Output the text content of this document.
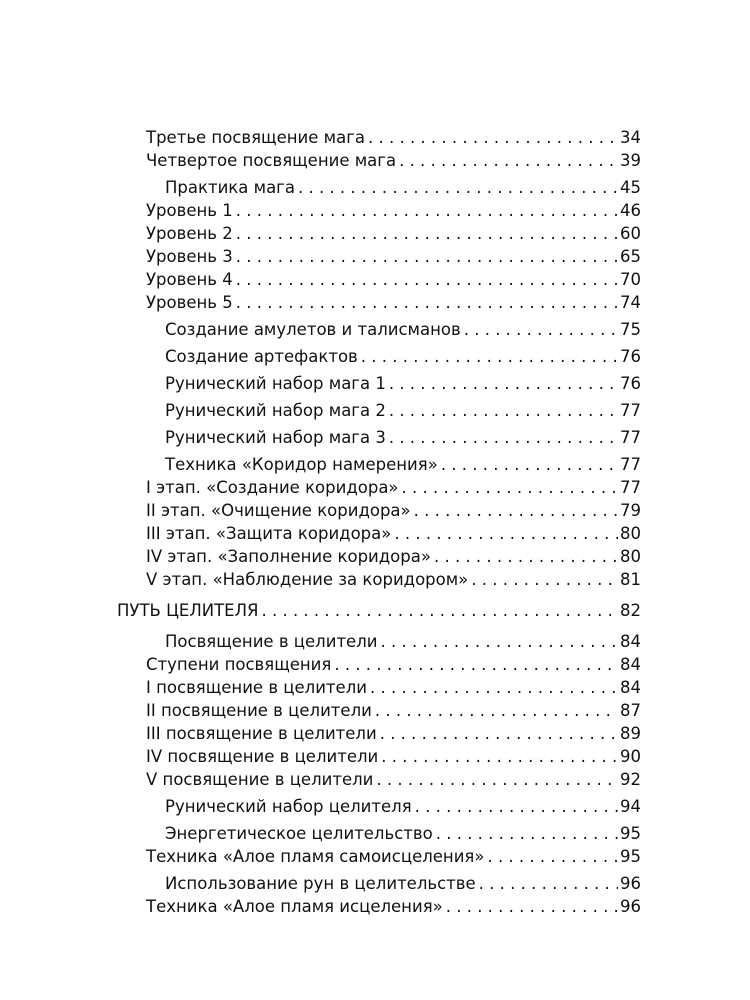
Третье посвящение мага . . .	34
Четвертое посвящение мага . . .	39
Практика мага . . .	45
Уровень 1 . . .	46
Уровень 2 . . .	60
Уровень 3 . . .	65
Уровень 4 . . .	70
Уровень 5 . . .	74
Создание амулетов и талисманов . . .	75
Создание артефактов . . .	76
Рунический набор мага 1 . . .	76
Рунический набор мага 2 . . .	77
Рунический набор мага 3 . . .	77
Техника «Коридор намерения» . . .	77
I этап. «Создание коридора» . . .	77
II этап. «Очищение коридора» . . .	79
III этап. «Защита коридора» . . .	80
IV этап. «Заполнение коридора» . . .	80
V этап. «Наблюдение за коридором» . . .	81
ПУТЬ ЦЕЛИТЕЛЯ . . .	82
Посвящение в целители . . .	84
Ступени посвящения . . .	84
I посвящение в целители . . .	84
II посвящение в целители . . .	87
III посвящение в целители . . .	89
IV посвящение в целители . . .	90
V посвящение в целители . . .	92
Рунический набор целителя . . .	94
Энергетическое целительство . . .	95
Техника «Алое пламя самоисцеления» . . .	95
Использование рун в целительстве . . .	96
Техника «Алое пламя исцеления» . . .	96
